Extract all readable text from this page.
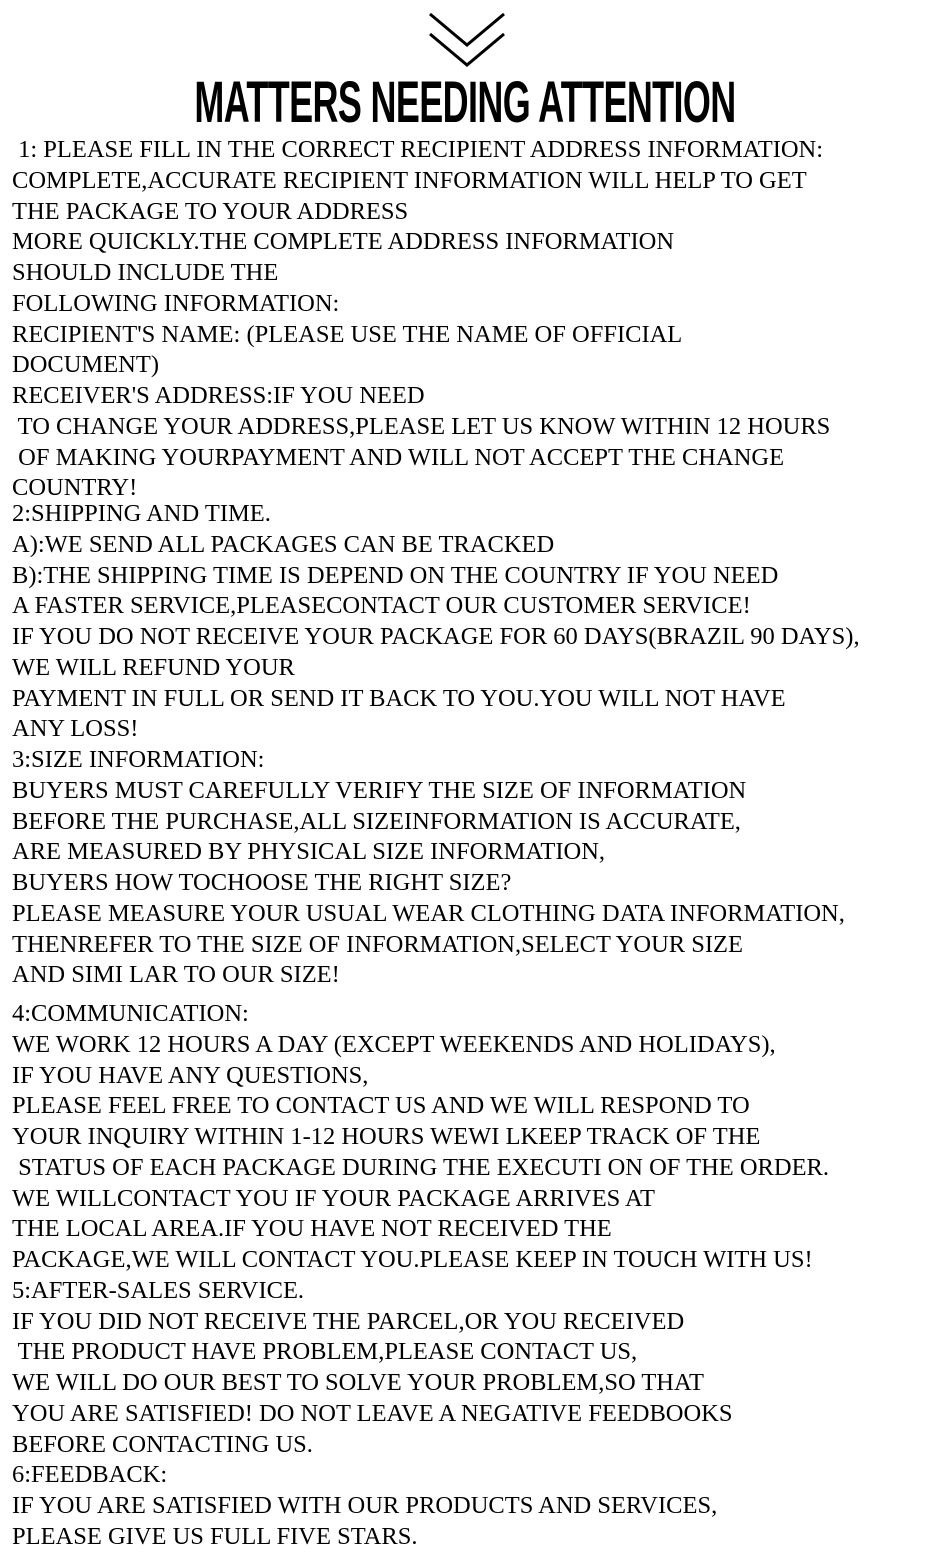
MATTERS NEEDING ATTENTION
1: PLEASE FILL IN THE CORRECT RECIPIENT ADDRESS INFORMATION:
COMPLETE,ACCURATE RECIPIENT INFORMATION WILL HELP TO GET
THE PACKAGE TO YOUR ADDRESS
MORE QUICKLY.THE COMPLETE ADDRESS INFORMATION
SHOULD INCLUDE THE
FOLLOWING INFORMATION:
RECIPIENT'S NAME: (PLEASE USE THE NAME OF OFFICIAL
DOCUMENT)
RECEIVER'S ADDRESS:IF YOU NEED
TO CHANGE YOUR ADDRESS,PLEASE LET US KNOW WITHIN 12 HOURS
OF MAKING YOURPAYMENT AND WILL NOT ACCEPT THE CHANGE
COUNTRY!
2:SHIPPING AND TIME.
A):WE SEND ALL PACKAGES CAN BE TRACKED
B):THE SHIPPING TIME IS DEPEND ON THE COUNTRY IF YOU NEED
A FASTER SERVICE,PLEASECONTACT OUR CUSTOMER SERVICE!
IF YOU DO NOT RECEIVE YOUR PACKAGE FOR 60 DAYS(BRAZIL 90 DAYS),
WE WILL REFUND YOUR
PAYMENT IN FULL OR SEND IT BACK TO YOU.YOU WILL NOT HAVE
ANY LOSS!
3:SIZE INFORMATION:
BUYERS MUST CAREFULLY VERIFY THE SIZE OF INFORMATION
BEFORE THE PURCHASE,ALL SIZEINFORMATION IS ACCURATE,
ARE MEASURED BY PHYSICAL SIZE INFORMATION,
BUYERS HOW TOCHOOSE THE RIGHT SIZE?
PLEASE MEASURE YOUR USUAL WEAR CLOTHING DATA INFORMATION,
THENREFER TO THE SIZE OF INFORMATION,SELECT YOUR SIZE
AND SIMI LAR TO OUR SIZE!
4:COMMUNICATION:
WE WORK 12 HOURS A DAY (EXCEPT WEEKENDS AND HOLIDAYS),
IF YOU HAVE ANY QUESTIONS,
PLEASE FEEL FREE TO CONTACT US AND WE WILL RESPOND TO
YOUR INQUIRY WITHIN 1-12 HOURS WEWI LKEEP TRACK OF THE
STATUS OF EACH PACKAGE DURING THE EXECUTI ON OF THE ORDER.
WE WILLCONTACT YOU IF YOUR PACKAGE ARRIVES AT
THE LOCAL AREA.IF YOU HAVE NOT RECEIVED THE
PACKAGE,WE WILL CONTACT YOU.PLEASE KEEP IN TOUCH WITH US!
5:AFTER-SALES SERVICE.
IF YOU DID NOT RECEIVE THE PARCEL,OR YOU RECEIVED
THE PRODUCT HAVE PROBLEM,PLEASE CONTACT US,
WE WILL DO OUR BEST TO SOLVE YOUR PROBLEM,SO THAT
YOU ARE SATISFIED! DO NOT LEAVE A NEGATIVE FEEDBOOKS
BEFORE CONTACTING US.
6:FEEDBACK:
IF YOU ARE SATISFIED WITH OUR PRODUCTS AND SERVICES,
PLEASE GIVE US FULL FIVE STARS.
